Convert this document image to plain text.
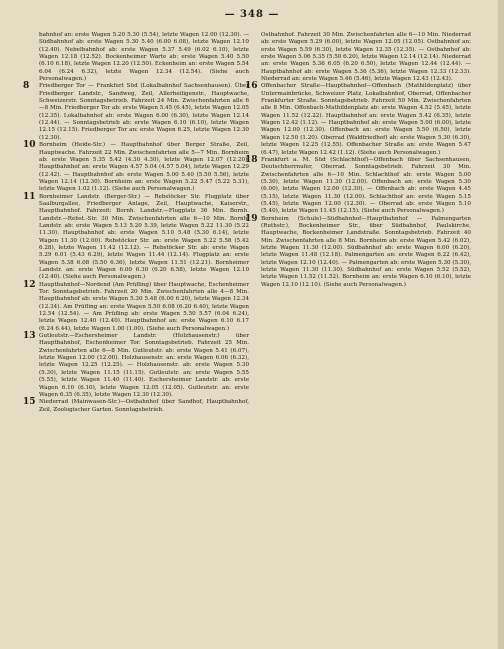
— 348 —

bahnhof an: erste Wagen 5.20 5.30 (5.54), letzte Wagen 12.00 (12.30). — Südbahnhof ab: erste Wagen 5.30 5.40 (6.00 6.08), letzte Wagen 12.10 (12.40). Nebelbahnhof ab: erste Wagen 5.37 5.49 (6.02 6.10), letzte Wagen 12.18 (12.52). Bockenheimer Warte ab: erste Wagen 5.40 5.50 (6.10 6.18), letzte Wagen 12.20 (12.50). Eckenheim an: erste Wagen 5.54 6.04 (6.24 6.32), letzte Wagen 12.34 (12.54). (Siehe auch Personalwagen.)

8 Friedberger Tor — Frankfurt Süd (Lokalbahnhof Sachsenhausen). Über Friedberger Landstr., Sandweg, Zeil, Allerheiligenstr., Hauptwache, Schweizerstr. Sonntagsbetrieb. Fahrzeit 24 Min. Zwischenfahrten alle 6—8 Min. Friedberger Tor ab: erste Wagen 5.45 (6.45), letzte Wagen 12.05 (12.35). Lokalbahnhof ab: erste Wagen 6.00 (6.30), letzte Wagen 12.14 (12.44). — Sonntagsbetrieb ab: erste Wagen 6.10 (6.10), letzte Wagen 12.15 (12.15). Friedberger Tor an: erste Wagen 6.25, letzte Wagen 12.30 (12.30).

10 Bornheim (Heide-Str.) — Hauptbahnhof über Berger Straße, Zeil, Hauptwache. Fahrzeit 22 Min. Zwischenfahrten alle 5—7 Min. Bornheim ab: erste Wagen 5.35 5.42 (4.30 4.30), letzte Wagen 12.07 (12.20). Hauptbahnhof an: erste Wagen 4.57 5.04 (4.57 5.04), letzte Wagen 12.29 (12.42). — Hauptbahnhof ab: erste Wagen 5.00 5.40 (5.50 5.56), letzte Wagen 12.14 (12.30). Bornheim an: erste Wagen 5.22 5.47 (5.22 5.31), letzte Wagen 1.02 (1.12). (Siehe auch Personalwagen.)

11 Bornheimer Landstr. (Berger-Str.) — Rebstöcker Str. Flugplatz über Saalburgallee, Friedberger Anlage, Zeil, Hauptwache, Kaiserstr., Hauptbahnhof. Fahrzeit: Bornh. Landstr.—Flugplatz 36 Min. Bornh. Landstr.—Rebst.-Str. 30 Min. Zwischenfahrten alle 6—10 Min. Bornh. Landstr. ab: erste Wagen 5.13 5.20 5.39, letzte Wagen 5.22 11.30 (5.22 11.30). Hauptbahnhof ab: erste Wagen 5.10 5.48 (5.30 6.14), letzte Wagen 11.30 (12.00). Rebstöcker Str. an: erste Wagen 5.22 5.58 (5.42 6.28), letzte Wagen 11.42 (12.12). — Rebstöcker Str. ab: erste Wagen 5.29 6.01 (5.43 6.29), letzte Wagen 11.44 (12.14). Flugplatz an: erste Wagen 5.38 6.08 (5.50 6.36), letzte Wagen 11.51 (12.21). Bornheimer Landstr. an: erste Wagen 6.00 6.30 (6.20 6.58), letzte Wagen 12.10 (12.40). (Siehe auch Personalwagen.)

12 Hauptbahnhof—Nordend (Am Prüfling) über Hauptwache, Eschenheimer Tor. Sonntagsbetrieb. Fahrzeit 20 Min. Zwischenfahrten alle 4—8 Min. Hauptbahnhof ab: erste Wagen 5.30 5.48 (6.00 6.20), letzte Wagen 12.34 (12.34). Am Prüfling an: erste Wagen 5.50 6.08 (6.20 6.40), letzte Wagen 12.54 (12.54). — Am Prüfling ab: erste Wagen 5.50 5.57 (6.04 6.24), letzte Wagen 12.40 (12.40). Hauptbahnhof an: erste Wagen 6.10 6.17 (6.24 6.44), letzte Wagen 1.00 (1.00). (Siehe auch Personalwagen.)

13 Gutleutstr.—Eschersheimer Landstr. (Holzhausenstr.) über Hauptbahnhof, Eschenheimer Tor. Sonntagsbetrieb. Fahrzeit 25 Min. Zwischenfahrten alle 6—8 Min. Gutleutstr. ab: erste Wagen 5.41 (6.07), letzte Wagen 12.00 (12.00). Holzhausenstr. an: erste Wagen 6.06 (6.32), letzte Wagen 12.25 (12.25). — Holzhausenstr. ab: erste Wagen 5.30 (5.30), letzte Wagen 11.15 (11.15). Gutleutstr. an: erste Wagen 5.55 (5.55), letzte Wagen 11.40 (11.40). Eschersheimer Landstr. ab: erste Wagen 6.10 (6.10), letzte Wagen 12.05 (12.05). Gutleutstr. an: erste Wagen 6.35 (6.35), letzte Wagen 12.30 (12.30).

15 Niederrad (Mainwasen-Str.)—Ostbahnhof über Sandhof, Hauptbahnhof, Zeil, Zoologischer Garten. Sonntagsbetrieb.

Ostbahnhof. Fahrzeit 30 Min. Zwischenfahrten alle 6—10 Min. Niederrad ab: erste Wagen 5.29 (6.00), letzte Wagen 12.05 (12.05). Ostbahnhof an: erste Wagen 5.59 (6.30), letzte Wagen 12.35 (12.35). — Ostbahnhof ab: erste Wagen 5.06 5.35 (5.50 6.20), letzte Wagen 12.14 (12.14). Niederrad an: erste Wagen 5.36 6.05 (6.20 6.50), letzte Wagen 12.44 (12.44). — Hauptbahnhof ab: erste Wagen 5.36 (5.36), letzte Wagen 12.33 (12.33). Niederrad an: erste Wagen 5.46 (5.46), letzte Wagen 12.43 (12.43).

16 Offenbacher Straße—Hauptbahnhof—Offenbach (Mathildenplatz) über Untermainbrücke, Schweizer Platz, Lokalbahnhof, Oberrad, Offenbacher Frankfurter Straße. Sonntagsbetrieb. Fahrzeit 50 Min. Zwischenfahrten alle 8 Min. Offenbach-Mathildenplatz ab: erste Wagen 4.52 (5.45), letzte Wagen 11.52 (12.22). Hauptbahnhof an: erste Wagen 5.42 (6.35), letzte Wagen 12.42 (1.12). — Hauptbahnhof ab: erste Wagen 5.00 (6.00), letzte Wagen 12.00 (12.30). Offenbach an: erste Wagen 5.50 (6.50), letzte Wagen 12.50 (1.20). Oberrad (Waldfriedhof) ab: erste Wagen 5.30 (6.30), letzte Wagen 12.25 (12.55). Offenbacher Straße an: erste Wagen 5.47 (6.47), letzte Wagen 12.42 (1.12). (Siehe auch Personalwagen.)

18 Frankfurt a. M. Süd (Schlachthof)—Offenbach über Sachsenhausen, Deutschherrnufer, Oberrad. Sonntagsbetrieb. Fahrzeit 30 Min. Zwischenfahrten alle 6—10 Min. Schlachthof ab: erste Wagen 5.00 (5.30), letzte Wagen 11.30 (12.00). Offenbach an: erste Wagen 5.30 (6.00), letzte Wagen 12.00 (12.30). — Offenbach ab: erste Wagen 4.45 (5.15), letzte Wagen 11.30 (12.00). Schlachthof an: erste Wagen 5.15 (5.45), letzte Wagen 12.00 (12.30). — Oberrad ab: erste Wagen 5.10 (5.40), letzte Wagen 11.45 (12.15). (Siehe auch Personalwagen.)

19 Bornheim (Schule)—Südbahnhof—Hauptbahnhof — Palmengarten (Ruthstr.), Bockenheimer Str., über Südbahnhof, Paulskirche, Hauptwache, Bockenheimer Landstraße. Sonntagsbetrieb. Fahrzeit 40 Min. Zwischenfahrten alle 8 Min. Bornheim ab: erste Wagen 5.42 (6.02), letzte Wagen 11.30 (12.00). Südbahnhof ab: erste Wagen 6.00 (6.20), letzte Wagen 11.48 (12.18). Palmengarten an: erste Wagen 6.22 (6.42), letzte Wagen 12.10 (12.40). — Palmengarten ab: erste Wagen 5.30 (5.30), letzte Wagen 11.30 (11.30). Südbahnhof an: erste Wagen 5.52 (5.52), letzte Wagen 11.52 (11.52). Bornheim an: erste Wagen 6.10 (6.10), letzte Wagen 12.10 (12.10). (Siehe auch Personalwagen.)
